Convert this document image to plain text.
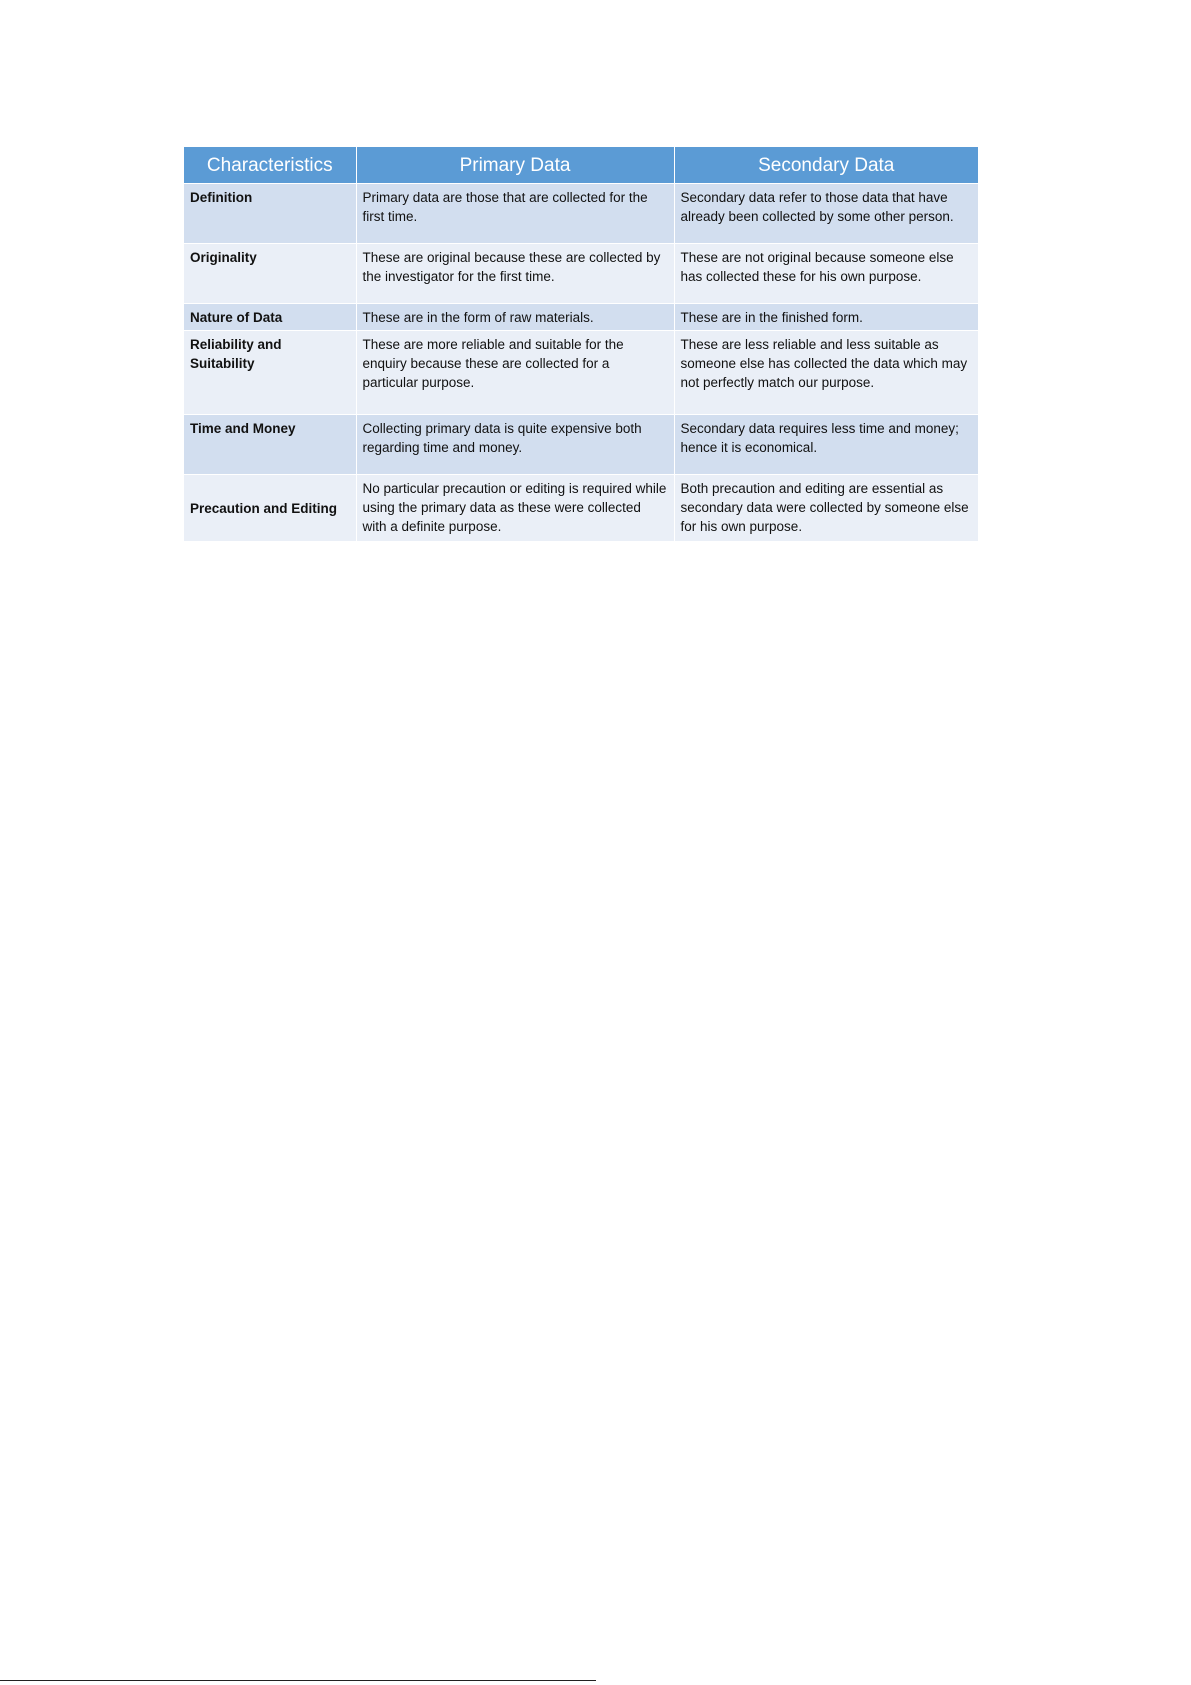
Characteristics	Primary Data	Secondary Data
Definition	Primary data are those that are collected for the first time.	Secondary data refer to those data that have already been collected by some other person.
Originality	These are original because these are collected by the investigator for the first time.	These are not original because someone else has collected these for his own purpose.
Nature of Data	These are in the form of raw materials.	These are in the finished form.
Reliability and Suitability	These are more reliable and suitable for the enquiry because these are collected for a particular purpose.	These are less reliable and less suitable as someone else has collected the data which may not perfectly match our purpose.
Time and Money	Collecting primary data is quite expensive both regarding time and money.	Secondary data requires less time and money; hence it is economical.
Precaution and Editing	No particular precaution or editing is required while using the primary data as these were collected with a definite purpose.	Both precaution and editing are essential as secondary data were collected by someone else for his own purpose.
